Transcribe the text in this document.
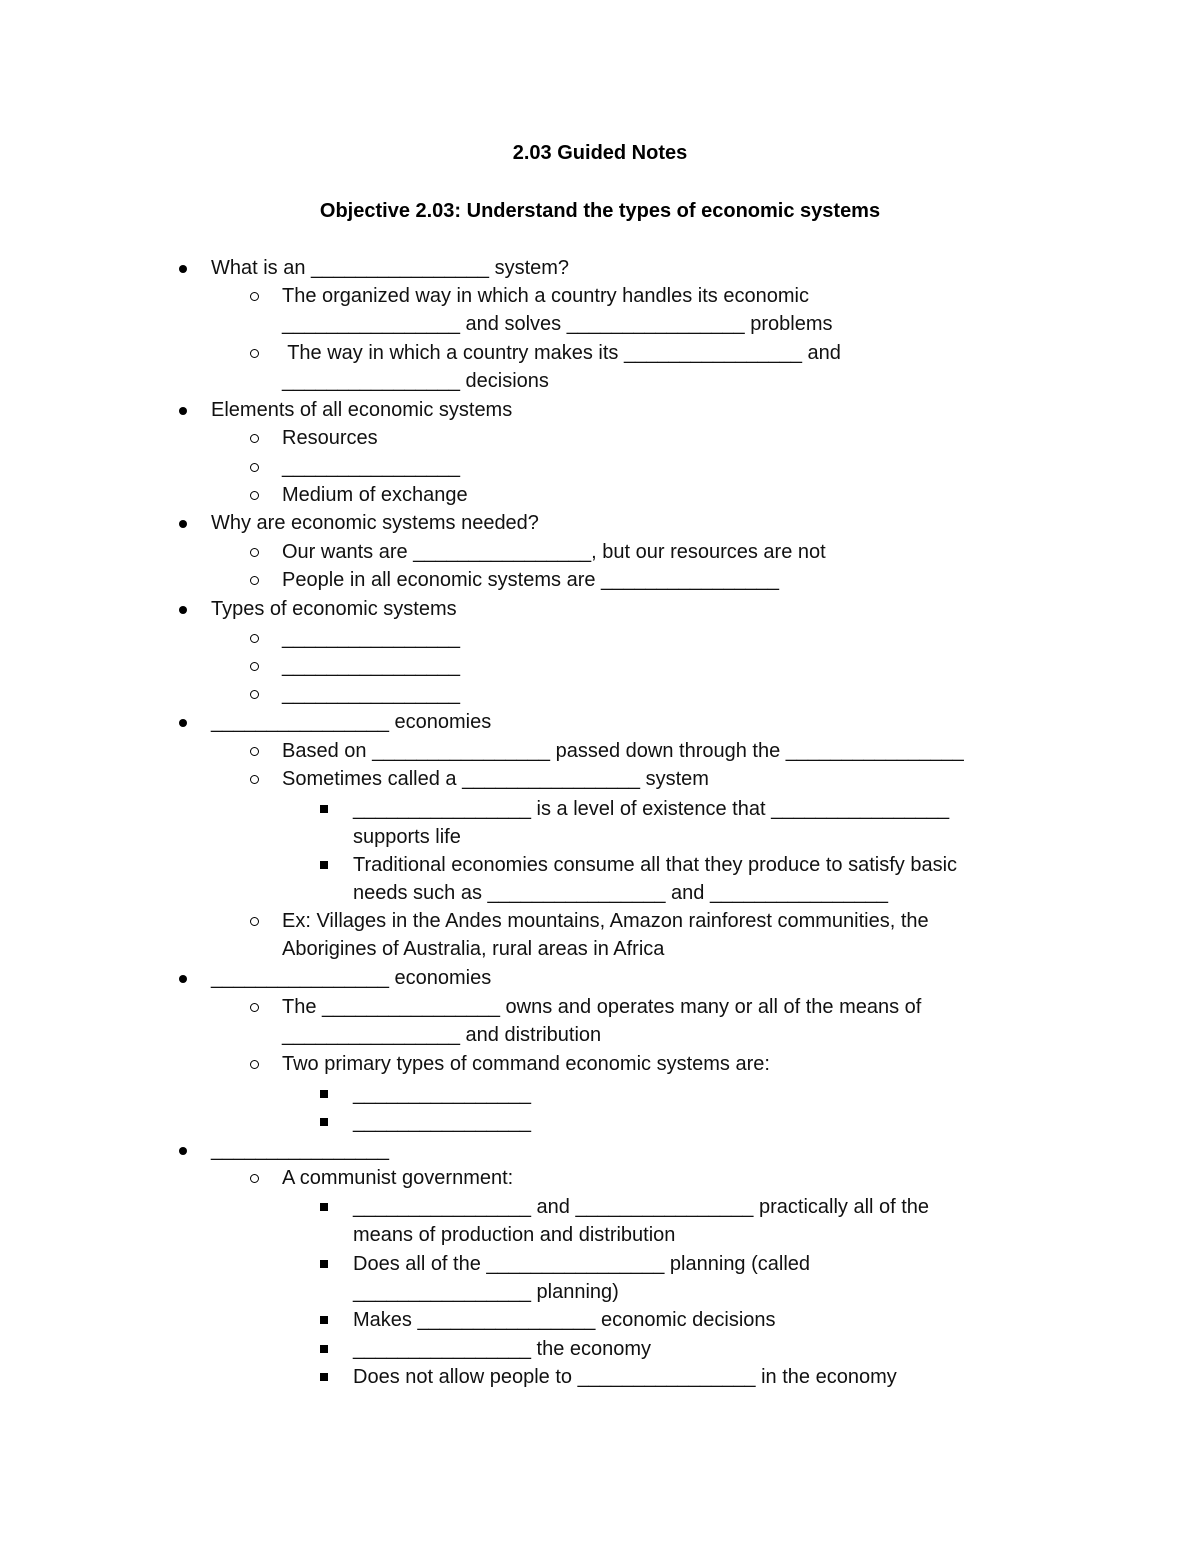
2.03 Guided Notes
Objective 2.03: Understand the types of economic systems
What is an ________________ system?
The organized way in which a country handles its economic
________________ and solves ________________ problems
The way in which a country makes its ________________ and
________________ decisions
Elements of all economic systems
Resources
________________
Medium of exchange
Why are economic systems needed?
Our wants are ________________, but our resources are not
People in all economic systems are ________________
Types of economic systems
________________
________________
________________
________________ economies
Based on ________________ passed down through the ________________
Sometimes called a ________________ system
________________ is a level of existence that ________________
supports life
Traditional economies consume all that they produce to satisfy basic
needs such as ________________ and ________________
Ex: Villages in the Andes mountains, Amazon rainforest communities, the
Aborigines of Australia, rural areas in Africa
________________ economies
The ________________ owns and operates many or all of the means of
________________ and distribution
Two primary types of command economic systems are:
________________
________________
________________
A communist government:
________________ and ________________ practically all of the
means of production and distribution
Does all of the ________________ planning (called
________________ planning)
Makes ________________ economic decisions
________________ the economy
Does not allow people to ________________ in the economy
